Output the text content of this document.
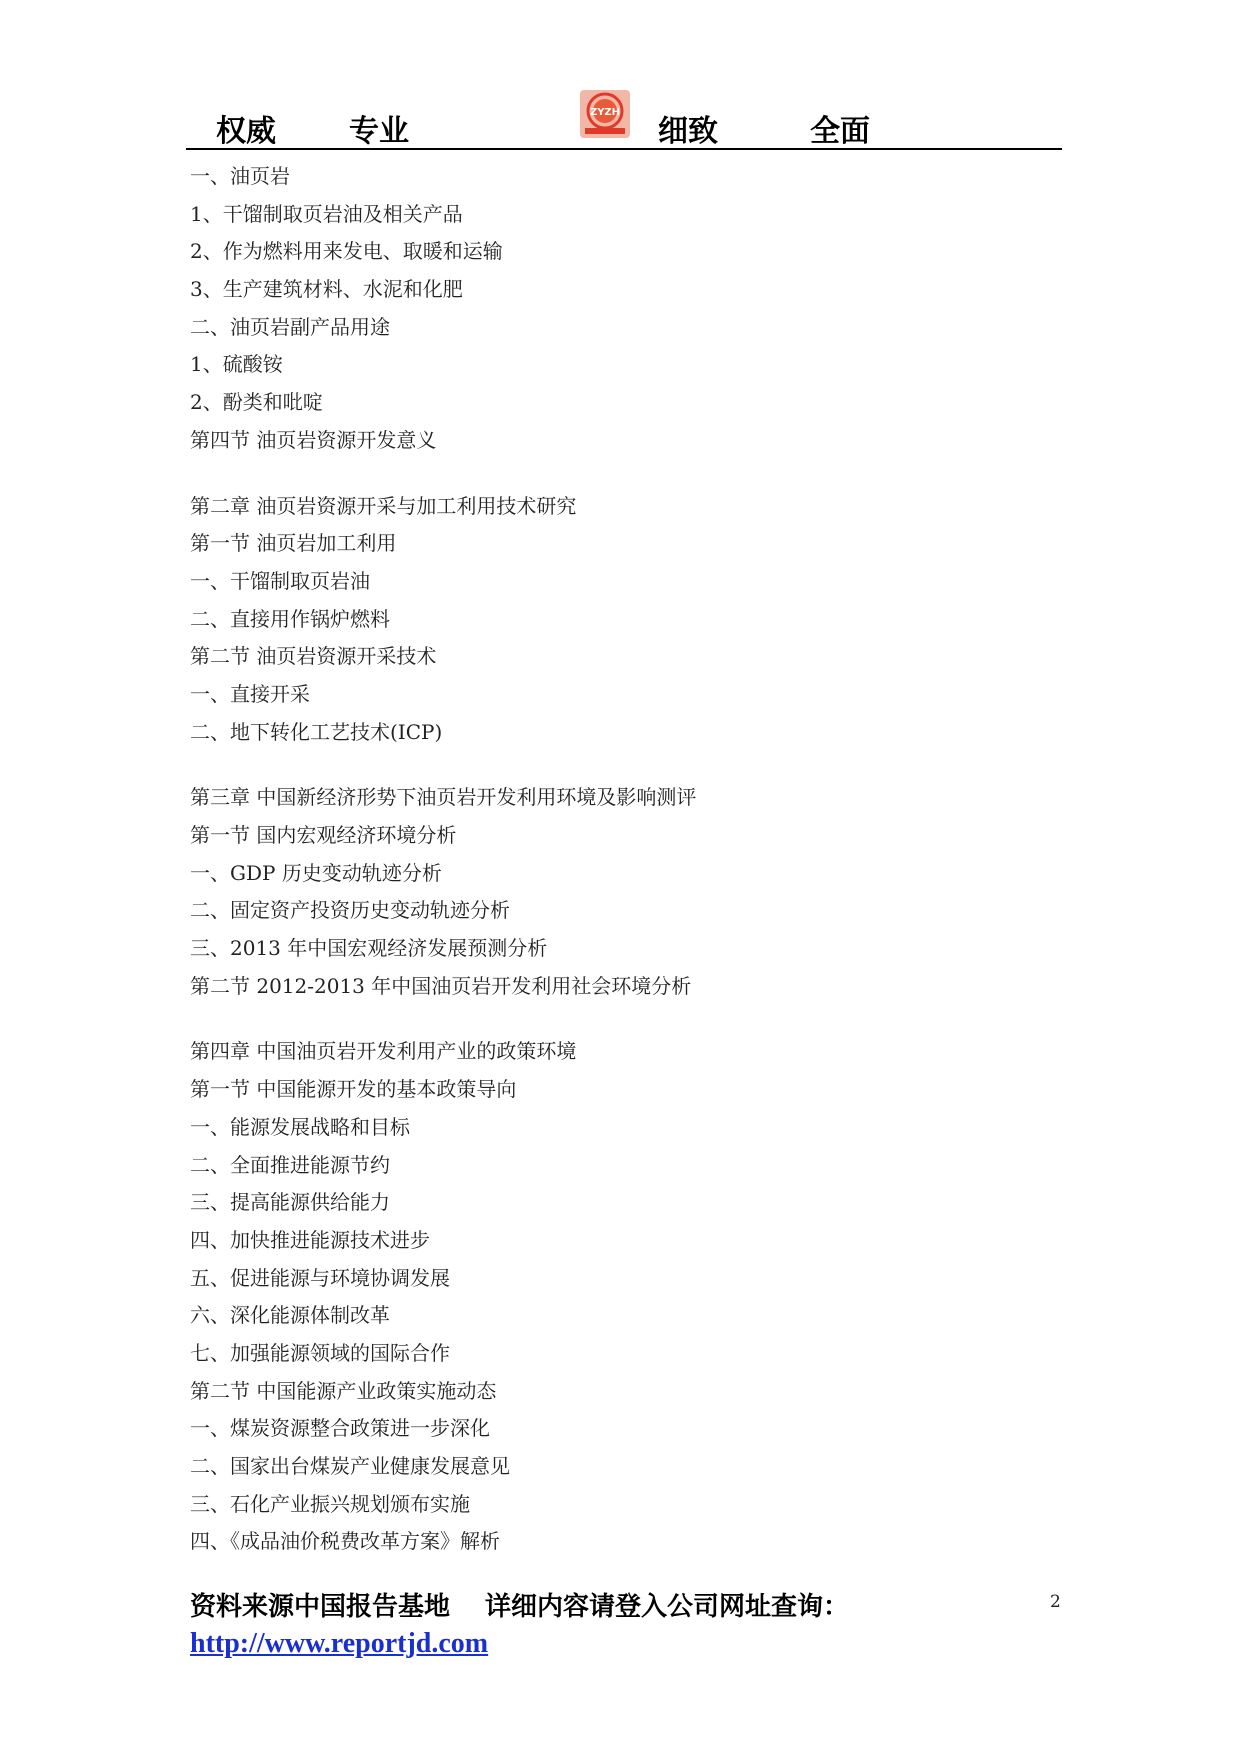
权威 专业
ZYZH
细致	全面
一、油页岩
1、干馏制取页岩油及相关产品
2、作为燃料用来发电、取暖和运输
3、生产建筑材料、水泥和化肥
二、油页岩副产品用途
1、硫酸铵
2、酚类和吡啶
第四节 油页岩资源开发意义
第二章 油页岩资源开采与加工利用技术研究
第一节 油页岩加工利用
一、干馏制取页岩油
二、直接用作锅炉燃料
第二节 油页岩资源开采技术
一、直接开采
二、地下转化工艺技术(ICP)
第三章 中国新经济形势下油页岩开发利用环境及影响测评
第一节 国内宏观经济环境分析
一、GDP 历史变动轨迹分析
二、固定资产投资历史变动轨迹分析
三、2013 年中国宏观经济发展预测分析
第二节 2012-2013 年中国油页岩开发利用社会环境分析
第四章 中国油页岩开发利用产业的政策环境
第一节 中国能源开发的基本政策导向
一、能源发展战略和目标
二、全面推进能源节约
三、提高能源供给能力
四、加快推进能源技术进步
五、促进能源与环境协调发展
六、深化能源体制改革
七、加强能源领域的国际合作
第二节 中国能源产业政策实施动态
一、煤炭资源整合政策进一步深化
二、国家出台煤炭产业健康发展意见
三、石化产业振兴规划颁布实施
四、《成品油价税费改革方案》解析
资料来源中国报告基地　 详细内容请登入公司网址查询：
http://www.reportjd.com
2
